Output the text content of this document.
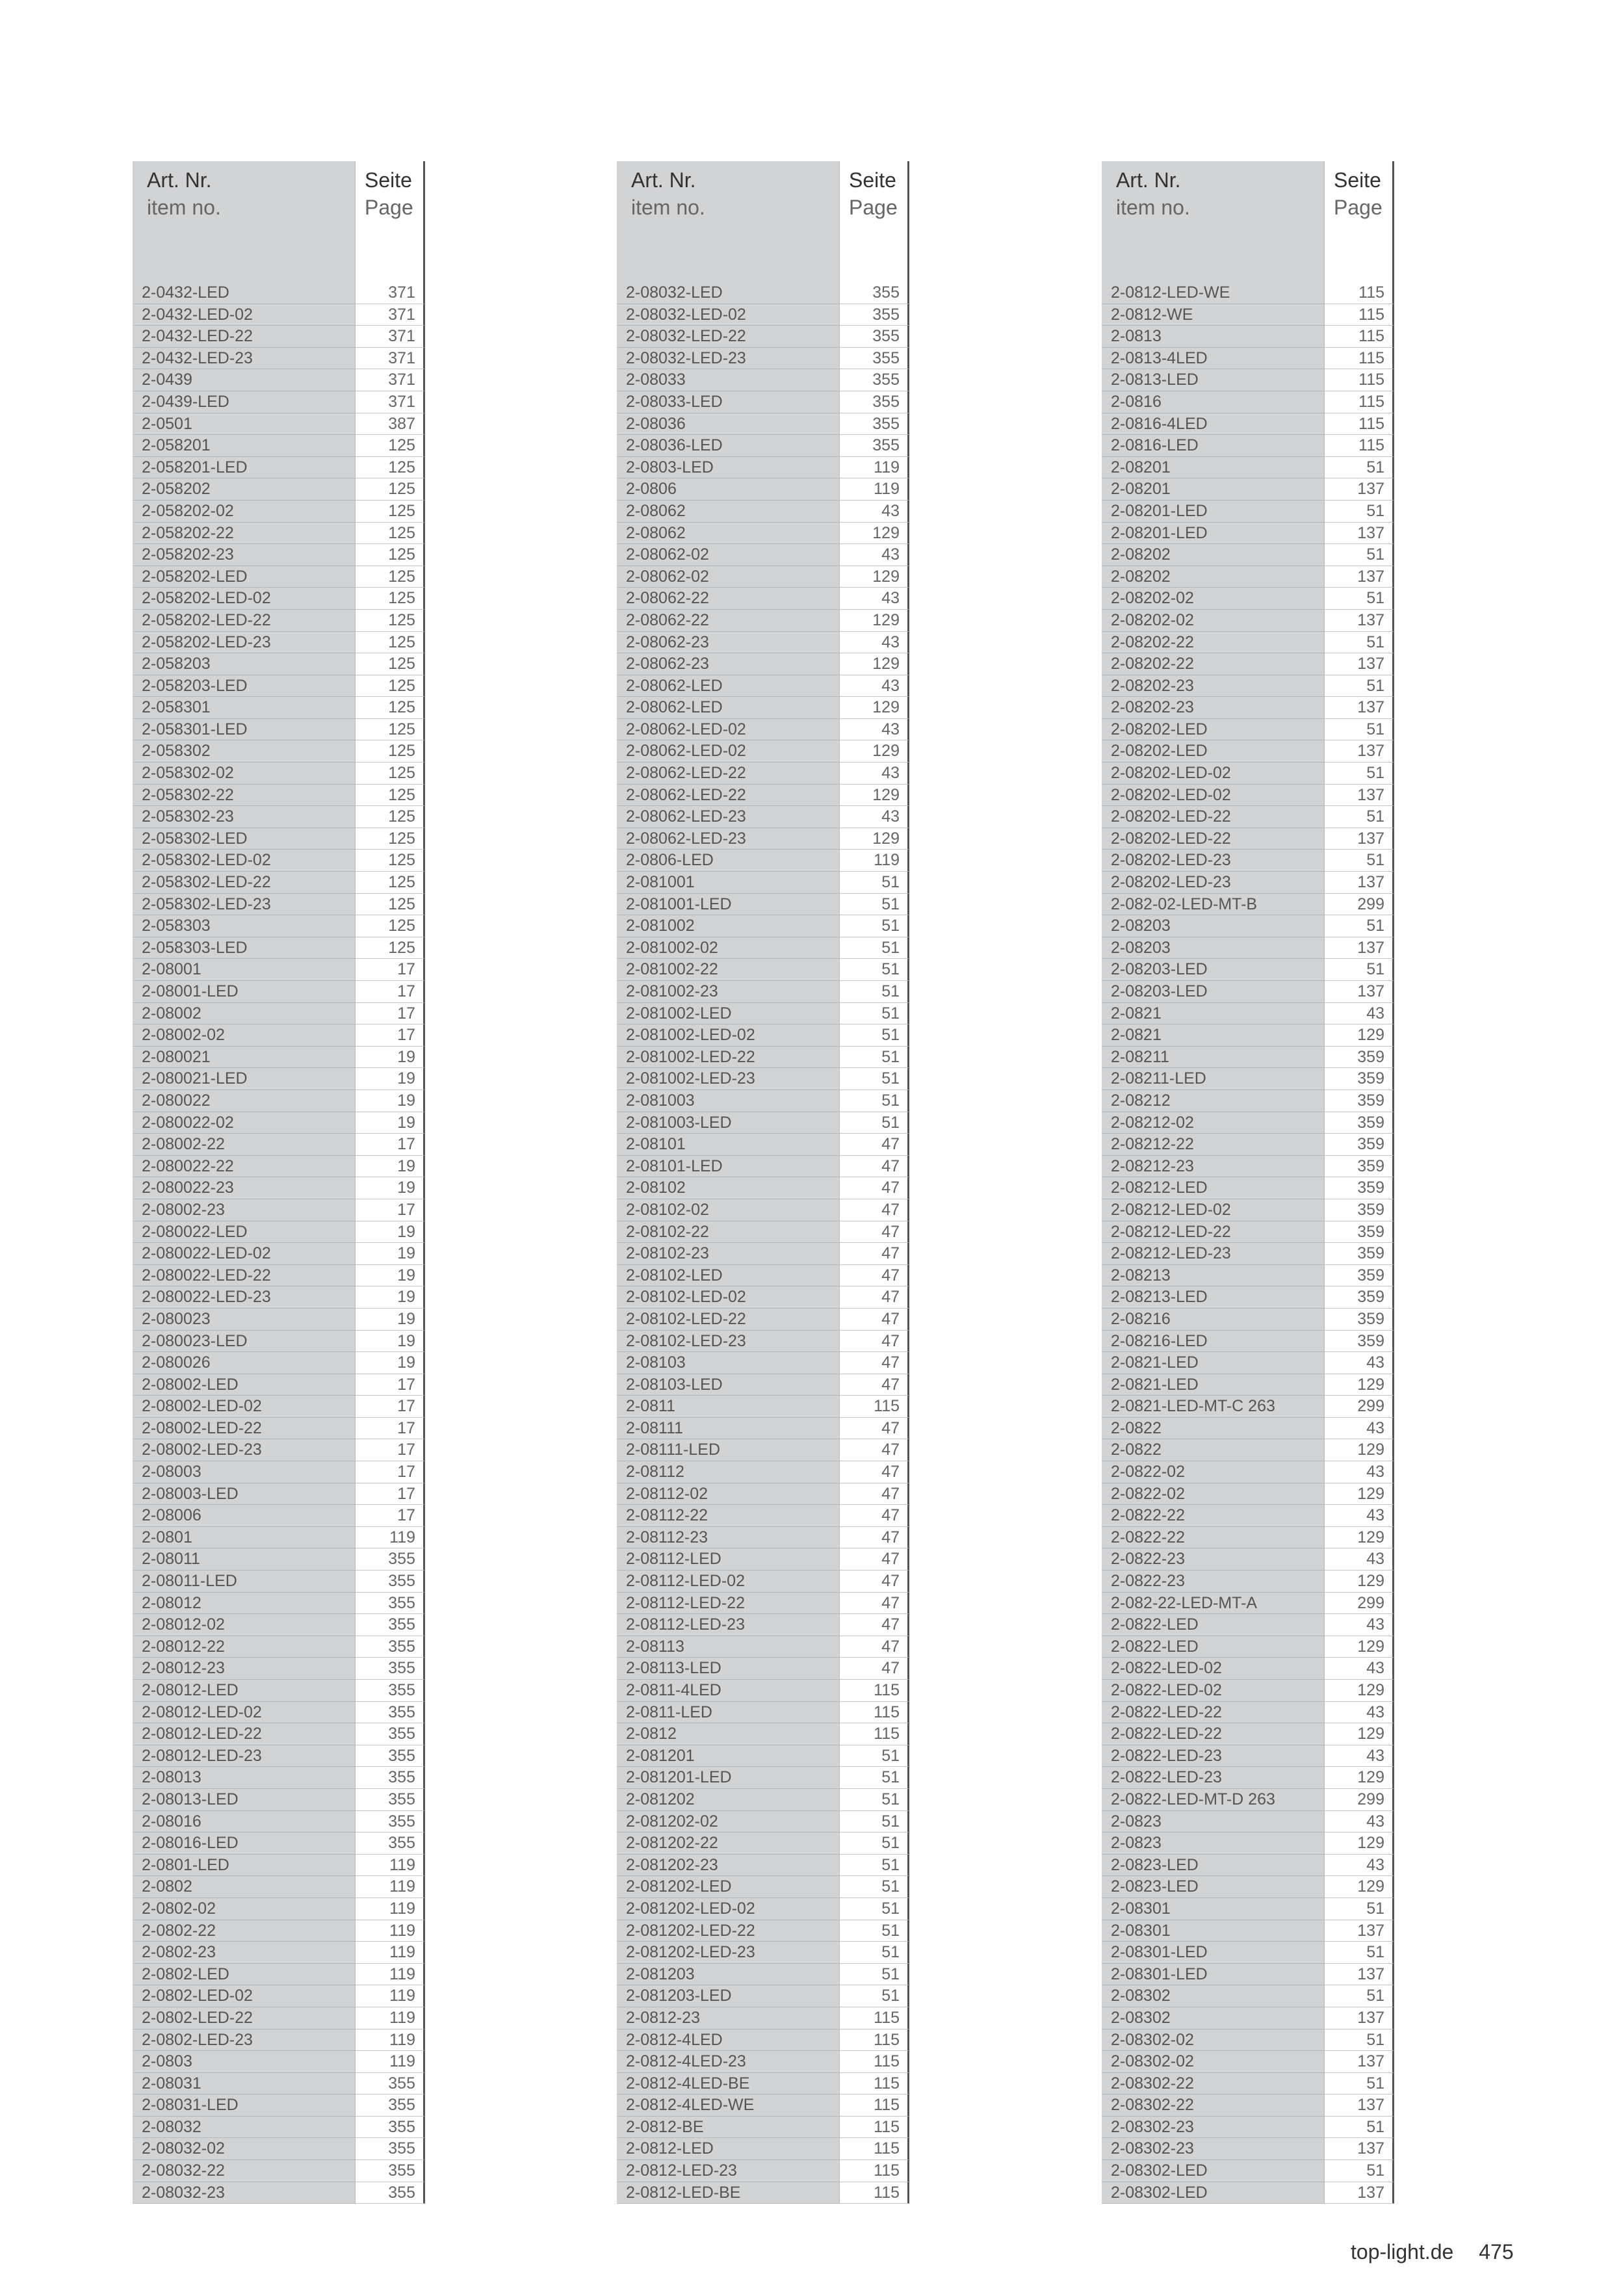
Art. Nr.
item no.
Seite
Page
2-0432-LED	371
2-0432-LED-02	371
2-0432-LED-22	371
2-0432-LED-23	371
2-0439	371
2-0439-LED	371
2-0501	387
2-058201	125
2-058201-LED	125
2-058202	125
2-058202-02	125
2-058202-22	125
2-058202-23	125
2-058202-LED	125
2-058202-LED-02	125
2-058202-LED-22	125
2-058202-LED-23	125
2-058203	125
2-058203-LED	125
2-058301	125
2-058301-LED	125
2-058302	125
2-058302-02	125
2-058302-22	125
2-058302-23	125
2-058302-LED	125
2-058302-LED-02	125
2-058302-LED-22	125
2-058302-LED-23	125
2-058303	125
2-058303-LED	125
2-08001	17
2-08001-LED	17
2-08002	17
2-08002-02	17
2-080021	19
2-080021-LED	19
2-080022	19
2-080022-02	19
2-08002-22	17
2-080022-22	19
2-080022-23	19
2-08002-23	17
2-080022-LED	19
2-080022-LED-02	19
2-080022-LED-22	19
2-080022-LED-23	19
2-080023	19
2-080023-LED	19
2-080026	19
2-08002-LED	17
2-08002-LED-02	17
2-08002-LED-22	17
2-08002-LED-23	17
2-08003	17
2-08003-LED	17
2-08006	17
2-0801	119
2-08011	355
2-08011-LED	355
2-08012	355
2-08012-02	355
2-08012-22	355
2-08012-23	355
2-08012-LED	355
2-08012-LED-02	355
2-08012-LED-22	355
2-08012-LED-23	355
2-08013	355
2-08013-LED	355
2-08016	355
2-08016-LED	355
2-0801-LED	119
2-0802	119
2-0802-02	119
2-0802-22	119
2-0802-23	119
2-0802-LED	119
2-0802-LED-02	119
2-0802-LED-22	119
2-0802-LED-23	119
2-0803	119
2-08031	355
2-08031-LED	355
2-08032	355
2-08032-02	355
2-08032-22	355
2-08032-23	355
Art. Nr.
item no.
Seite
Page
2-08032-LED	355
2-08032-LED-02	355
2-08032-LED-22	355
2-08032-LED-23	355
2-08033	355
2-08033-LED	355
2-08036	355
2-08036-LED	355
2-0803-LED	119
2-0806	119
2-08062	43
2-08062	129
2-08062-02	43
2-08062-02	129
2-08062-22	43
2-08062-22	129
2-08062-23	43
2-08062-23	129
2-08062-LED	43
2-08062-LED	129
2-08062-LED-02	43
2-08062-LED-02	129
2-08062-LED-22	43
2-08062-LED-22	129
2-08062-LED-23	43
2-08062-LED-23	129
2-0806-LED	119
2-081001	51
2-081001-LED	51
2-081002	51
2-081002-02	51
2-081002-22	51
2-081002-23	51
2-081002-LED	51
2-081002-LED-02	51
2-081002-LED-22	51
2-081002-LED-23	51
2-081003	51
2-081003-LED	51
2-08101	47
2-08101-LED	47
2-08102	47
2-08102-02	47
2-08102-22	47
2-08102-23	47
2-08102-LED	47
2-08102-LED-02	47
2-08102-LED-22	47
2-08102-LED-23	47
2-08103	47
2-08103-LED	47
2-0811	115
2-08111	47
2-08111-LED	47
2-08112	47
2-08112-02	47
2-08112-22	47
2-08112-23	47
2-08112-LED	47
2-08112-LED-02	47
2-08112-LED-22	47
2-08112-LED-23	47
2-08113	47
2-08113-LED	47
2-0811-4LED	115
2-0811-LED	115
2-0812	115
2-081201	51
2-081201-LED	51
2-081202	51
2-081202-02	51
2-081202-22	51
2-081202-23	51
2-081202-LED	51
2-081202-LED-02	51
2-081202-LED-22	51
2-081202-LED-23	51
2-081203	51
2-081203-LED	51
2-0812-23	115
2-0812-4LED	115
2-0812-4LED-23	115
2-0812-4LED-BE	115
2-0812-4LED-WE	115
2-0812-BE	115
2-0812-LED	115
2-0812-LED-23	115
2-0812-LED-BE	115
Art. Nr.
item no.
Seite
Page
2-0812-LED-WE	115
2-0812-WE	115
2-0813	115
2-0813-4LED	115
2-0813-LED	115
2-0816	115
2-0816-4LED	115
2-0816-LED	115
2-08201	51
2-08201	137
2-08201-LED	51
2-08201-LED	137
2-08202	51
2-08202	137
2-08202-02	51
2-08202-02	137
2-08202-22	51
2-08202-22	137
2-08202-23	51
2-08202-23	137
2-08202-LED	51
2-08202-LED	137
2-08202-LED-02	51
2-08202-LED-02	137
2-08202-LED-22	51
2-08202-LED-22	137
2-08202-LED-23	51
2-08202-LED-23	137
2-082-02-LED-MT-B	299
2-08203	51
2-08203	137
2-08203-LED	51
2-08203-LED	137
2-0821	43
2-0821	129
2-08211	359
2-08211-LED	359
2-08212	359
2-08212-02	359
2-08212-22	359
2-08212-23	359
2-08212-LED	359
2-08212-LED-02	359
2-08212-LED-22	359
2-08212-LED-23	359
2-08213	359
2-08213-LED	359
2-08216	359
2-08216-LED	359
2-0821-LED	43
2-0821-LED	129
2-0821-LED-MT-C 263	299
2-0822	43
2-0822	129
2-0822-02	43
2-0822-02	129
2-0822-22	43
2-0822-22	129
2-0822-23	43
2-0822-23	129
2-082-22-LED-MT-A	299
2-0822-LED	43
2-0822-LED	129
2-0822-LED-02	43
2-0822-LED-02	129
2-0822-LED-22	43
2-0822-LED-22	129
2-0822-LED-23	43
2-0822-LED-23	129
2-0822-LED-MT-D 263	299
2-0823	43
2-0823	129
2-0823-LED	43
2-0823-LED	129
2-08301	51
2-08301	137
2-08301-LED	51
2-08301-LED	137
2-08302	51
2-08302	137
2-08302-02	51
2-08302-02	137
2-08302-22	51
2-08302-22	137
2-08302-23	51
2-08302-23	137
2-08302-LED	51
2-08302-LED	137
top-light.de 475
